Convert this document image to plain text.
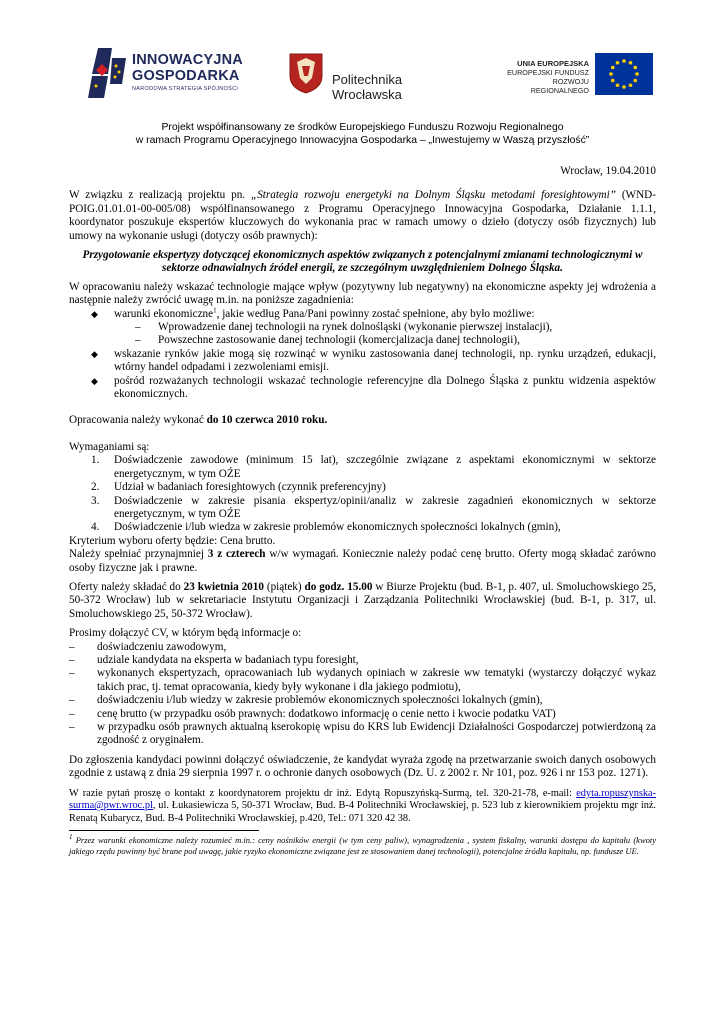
INNOWACYJNA
GOSPODARKA
NARODOWA STRATEGIA SPÓJNOŚCI
Politechnika Wrocławska
UNIA EUROPEJSKA
EUROPEJSKI FUNDUSZ
ROZWOJU REGIONALNEGO
Projekt współfinansowany ze środków Europejskiego Funduszu Rozwoju Regionalnego
w ramach Programu Operacyjnego Innowacyjna Gospodarka – „Inwestujemy w Waszą przyszłość”

Wrocław, 19.04.2010

W związku z realizacją projektu pn. „Strategia rozwoju energetyki na Dolnym Śląsku metodami foresightowymi” (WND-POIG.01.01.01-00-005/08) współfinansowanego z Programu Operacyjnego Innowacyjna Gospodarka, Działanie 1.1.1, koordynator poszukuje ekspertów kluczowych do wykonania prac w ramach umowy o dzieło (dotyczy osób fizycznych) lub umowy na wykonanie usługi (dotyczy osób prawnych):

Przygotowanie ekspertyzy dotyczącej ekonomicznych aspektów związanych z potencjalnymi zmianami technologicznymi w sektorze odnawialnych źródeł energii, ze szczególnym uwzględnieniem Dolnego Śląska.

W opracowaniu należy wskazać technologie mające wpływ (pozytywny lub negatywny) na ekonomiczne aspekty jej wdrożenia a następnie należy zwrócić uwagę m.in. na poniższe zagadnienia:

◆ warunki ekonomiczne$^1$, jakie według Pana/Pani powinny zostać spełnione, aby było możliwe:
– Wprowadzenie danej technologii na rynek dolnośląski (wykonanie pierwszej instalacji),
– Powszechne zastosowanie danej technologii (komercjalizacja danej technologii),
◆ wskazanie rynków jakie mogą się rozwinąć w wyniku zastosowania danej technologii, np. rynku urządzeń, edukacji, wtórny handel odpadami i zezwoleniami emisji.
◆ pośród rozważanych technologii wskazać technologie referencyjne dla Dolnego Śląska z punktu widzenia aspektów ekonomicznych.

Opracowania należy wykonać do 10 czerwca 2010 roku.

Wymaganiami są:

1. Doświadczenie zawodowe (minimum 15 lat), szczególnie związane z aspektami ekonomicznymi w sektorze energetycznym, w tym OŹE
2. Udział w badaniach foresightowych (czynnik preferencyjny)
3. Doświadczenie w zakresie pisania ekspertyz/opinii/analiz w zakresie zagadnień ekonomicznych w sektorze energetycznym, w tym OŹE
4. Doświadczenie i/lub wiedza w zakresie problemów ekonomicznych społeczności lokalnych (gmin),

Kryterium wyboru oferty będzie: Cena brutto.

Należy spełniać przynajmniej 3 z czterech w/w wymagań. Koniecznie należy podać cenę brutto. Oferty mogą składać zarówno osoby fizyczne jak i prawne.

Oferty należy składać do 23 kwietnia 2010 (piątek) do godz. 15.00 w Biurze Projektu (bud. B-1, p. 407, ul. Smoluchowskiego 25, 50-372 Wrocław) lub w sekretariacie Instytutu Organizacji i Zarządzania Politechniki Wrocławskiej (bud. B-1, p. 317, ul. Smoluchowskiego 25, 50-372 Wrocław).

Prosimy dołączyć CV, w którym będą informacje o:

– doświadczeniu zawodowym,
– udziale kandydata na eksperta w badaniach typu foresight,
– wykonanych ekspertyzach, opracowaniach lub wydanych opiniach w zakresie ww tematyki (wystarczy dołączyć wykaz takich prac, tj. temat opracowania, kiedy były wykonane i dla jakiego podmiotu),
– doświadczeniu i/lub wiedzy w zakresie problemów ekonomicznych społeczności lokalnych (gmin),
– cenę brutto (w przypadku osób prawnych: dodatkowo informację o cenie netto i kwocie podatku VAT)
– w przypadku osób prawnych aktualną kserokopię wpisu do KRS lub Ewidencji Działalności Gospodarczej potwierdzoną za zgodność z oryginałem.

Do zgłoszenia kandydaci powinni dołączyć oświadczenie, że kandydat wyraża zgodę na przetwarzanie swoich danych osobowych zgodnie z ustawą z dnia 29 sierpnia 1997 r. o ochronie danych osobowych (Dz. U. z 2002 r. Nr 101, poz. 926 i nr 153 poz. 1271).

W razie pytań proszę o kontakt z koordynatorem projektu dr inż. Edytą Ropuszyńską-Surmą, tel. 320-21-78, e-mail: edyta.ropuszynska-surma@pwr.wroc.pl, ul. Łukasiewicza 5, 50-371 Wrocław, Bud. B-4 Politechniki Wrocławskiej, p. 523 lub z kierownikiem projektu mgr inż. Renatą Kubarycz, Bud. B-4 Politechniki Wrocławskiej, p.420, Tel.: 071 320 42 38.

$^1$ Przez warunki ekonomiczne należy rozumieć m.in.: ceny nośników energii (w tym ceny paliw), wynagrodzenia , system fiskalny, warunki dostępu do kapitału (kwoty jakiego rzędu powinny być brane pod uwagę, jakie ryzyko ekonomiczne związane jest ze stosowaniem danej technologii), potencjalne źródła kapitału, np. fundusze UE.
